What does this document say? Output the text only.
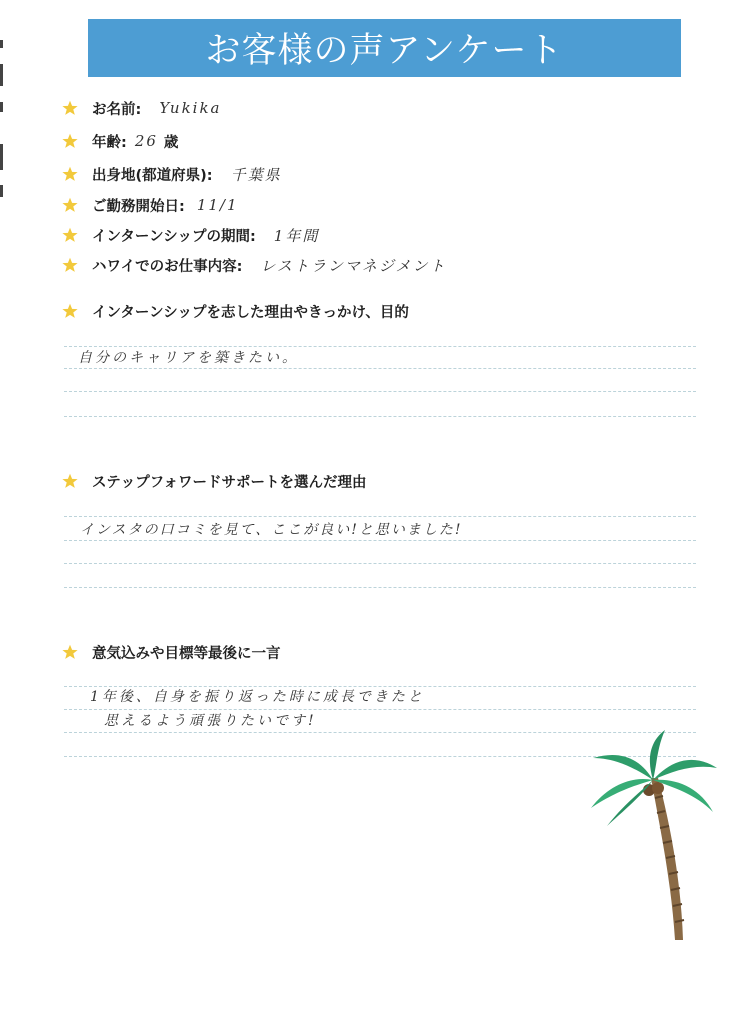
お客様の声アンケート
お名前: Yukika
年齢: 26 歳
出身地(都道府県): 千葉県
ご勤務開始日: 11/1
インターンシップの期間: 1年間
ハワイでのお仕事内容: レストランマネジメント
インターンシップを志した理由やきっかけ、目的
自分のキャリアを築きたい。
ステップフォワードサポートを選んだ理由
インスタの口コミを見て、ここが良い!と思いました!
意気込みや目標等最後に一言
1年後、自身を振り返った時に成長できたと
思えるよう頑張りたいです!
